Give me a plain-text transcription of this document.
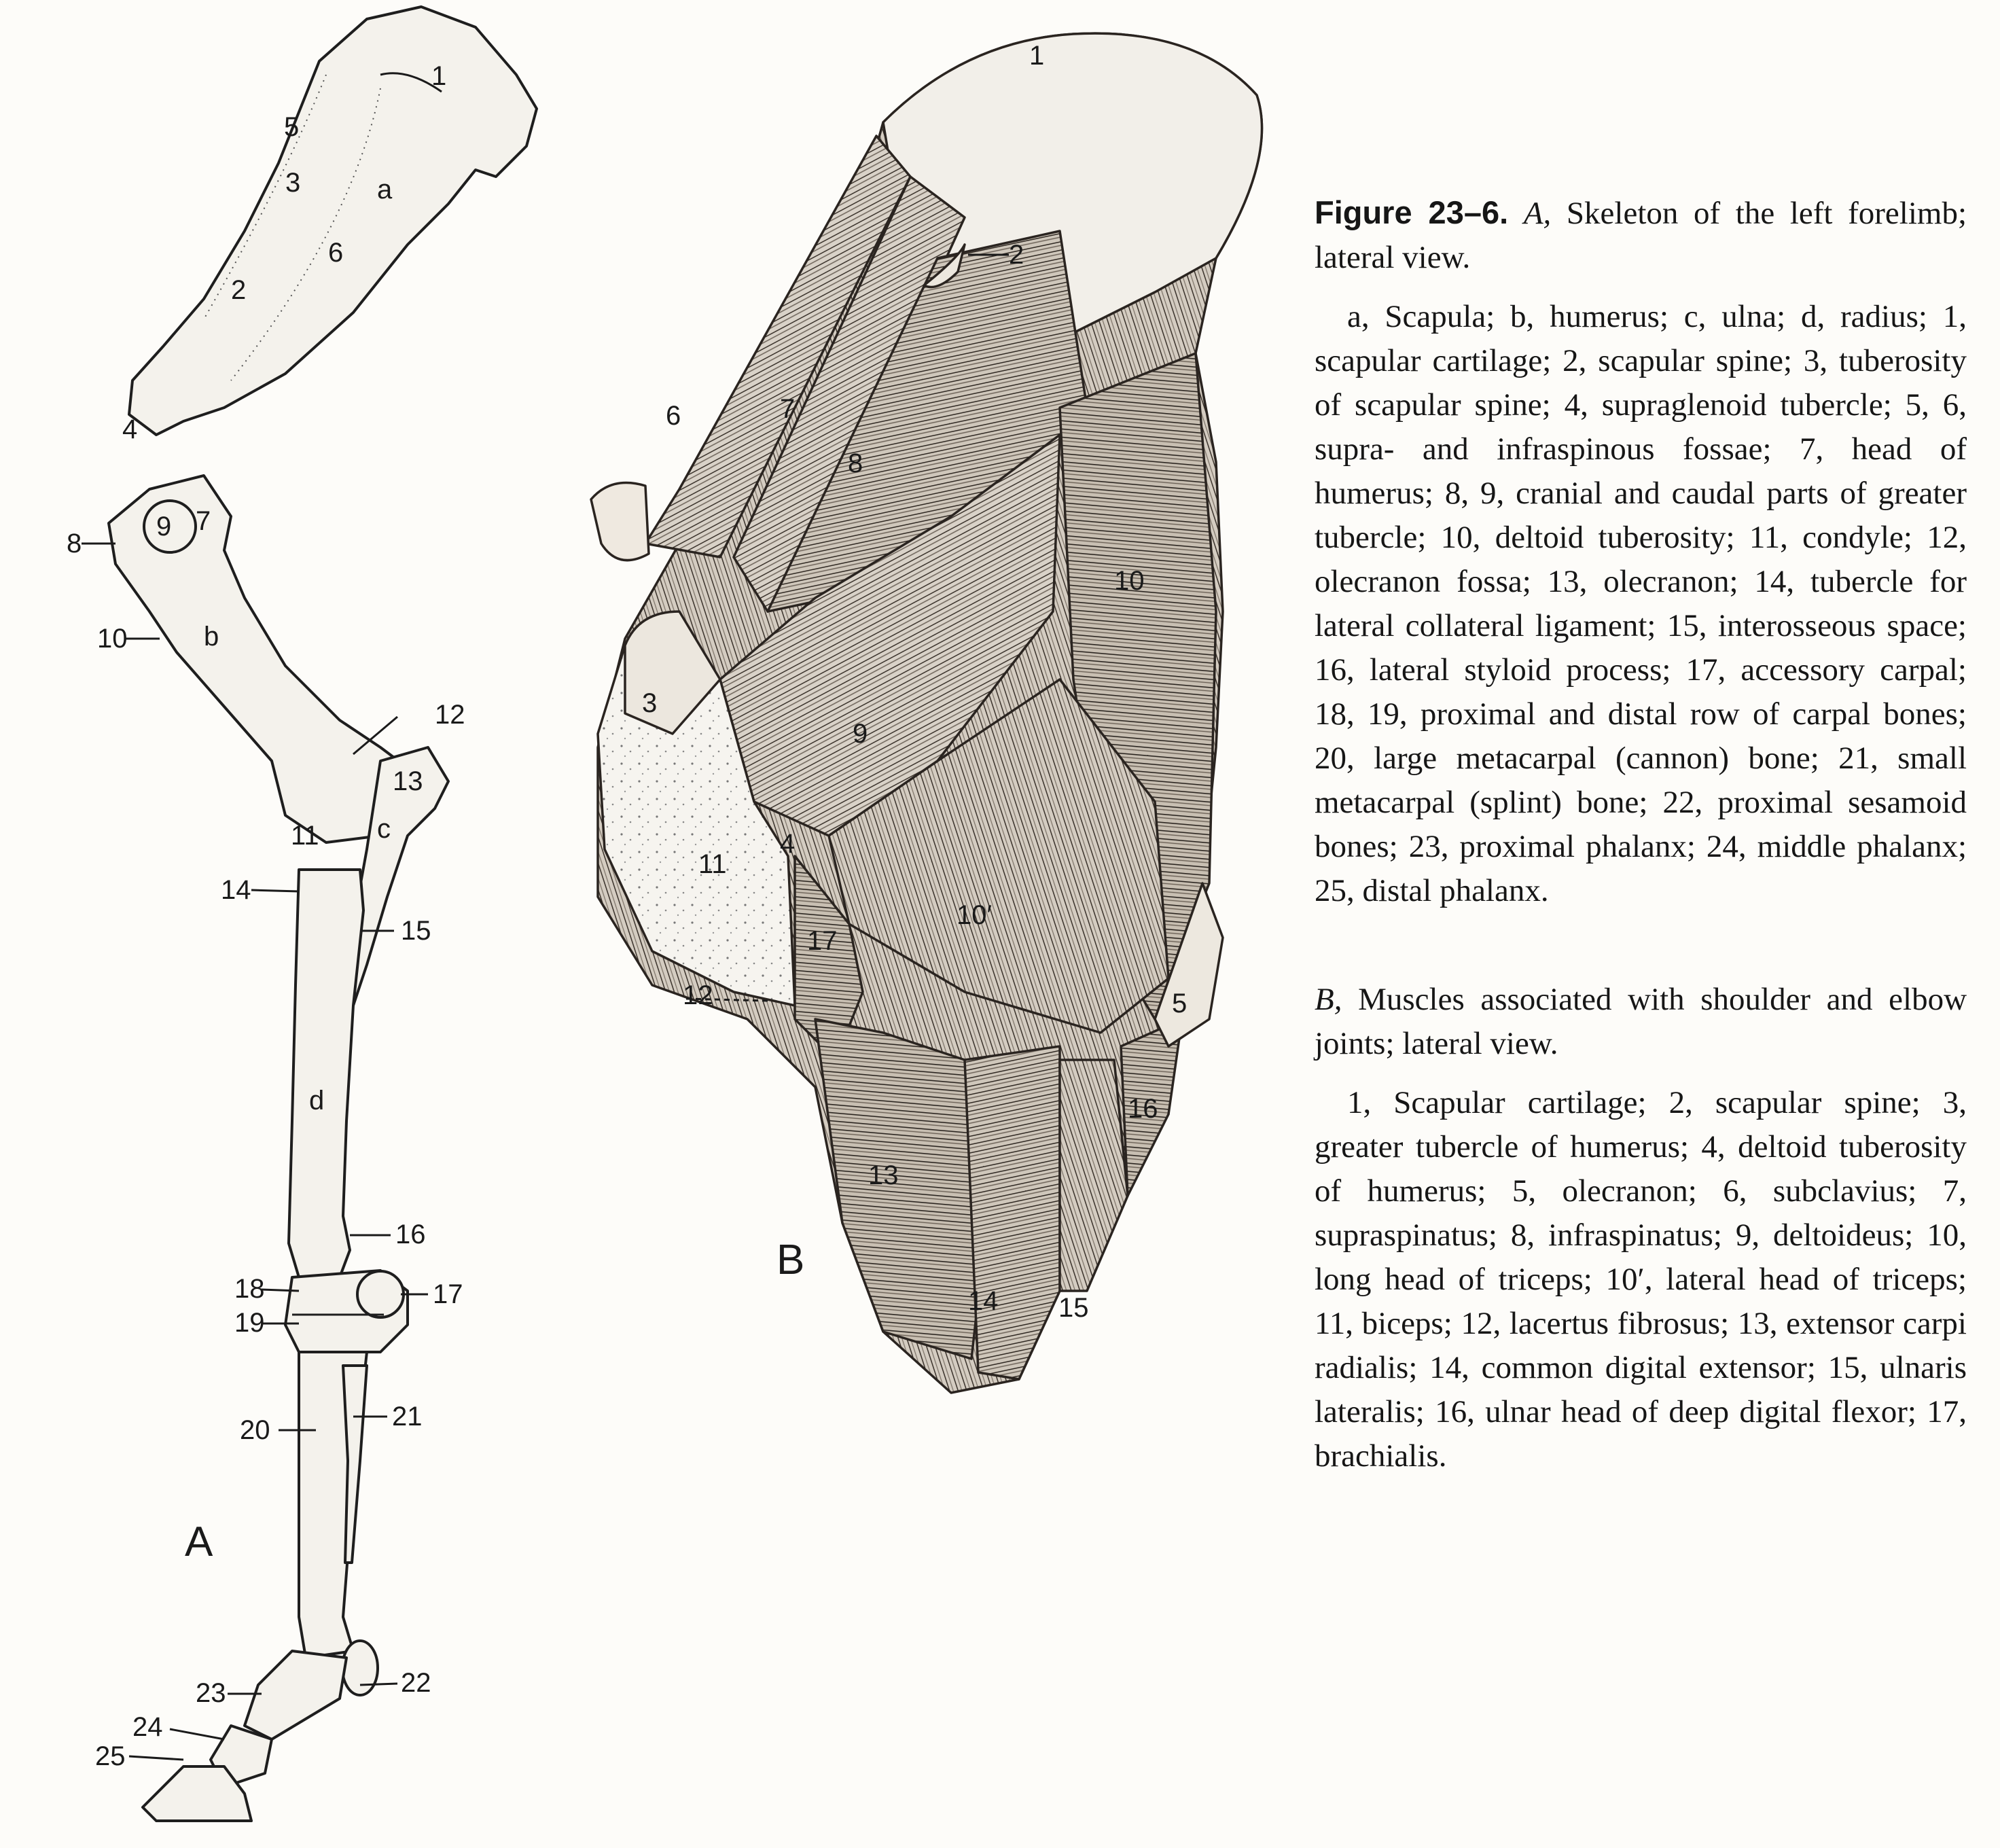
1
5
3	a
6
2
4
9 7
8
10	b
12
13
11 c
14
15
d
16
18	17
19
21
20
A
22
23
24
25
1
2
6	7
8
10
3
9
4
11
10′
17
12	5
16
13
B
14 15

Figure 23–6. A, Skeleton of the left forelimb; lateral view.

a, Scapula; b, humerus; c, ulna; d, radius; 1, scapular cartilage; 2, scapular spine; 3, tuberosity of scapular spine; 4, supraglenoid tubercle; 5, 6, supra- and infraspinous fossae; 7, head of humerus; 8, 9, cranial and caudal parts of greater tubercle; 10, deltoid tuberosity; 11, condyle; 12, olecranon fossa; 13, olecranon; 14, tubercle for lateral collateral ligament; 15, interosseous space; 16, lateral styloid process; 17, accessory carpal; 18, 19, proximal and distal row of carpal bones; 20, large metacarpal (cannon) bone; 21, small metacarpal (splint) bone; 22, proximal sesamoid bones; 23, proximal phalanx; 24, middle phalanx; 25, distal phalanx.

B, Muscles associated with shoulder and elbow joints; lateral view.

1, Scapular cartilage; 2, scapular spine; 3, greater tubercle of humerus; 4, deltoid tuberosity of humerus; 5, olecranon; 6, subclavius; 7, supraspinatus; 8, infraspinatus; 9, deltoideus; 10, long head of triceps; 10′, lateral head of triceps; 11, biceps; 12, lacertus fibrosus; 13, extensor carpi radialis; 14, common digital extensor; 15, ulnaris lateralis; 16, ulnar head of deep digital flexor; 17, brachialis.
